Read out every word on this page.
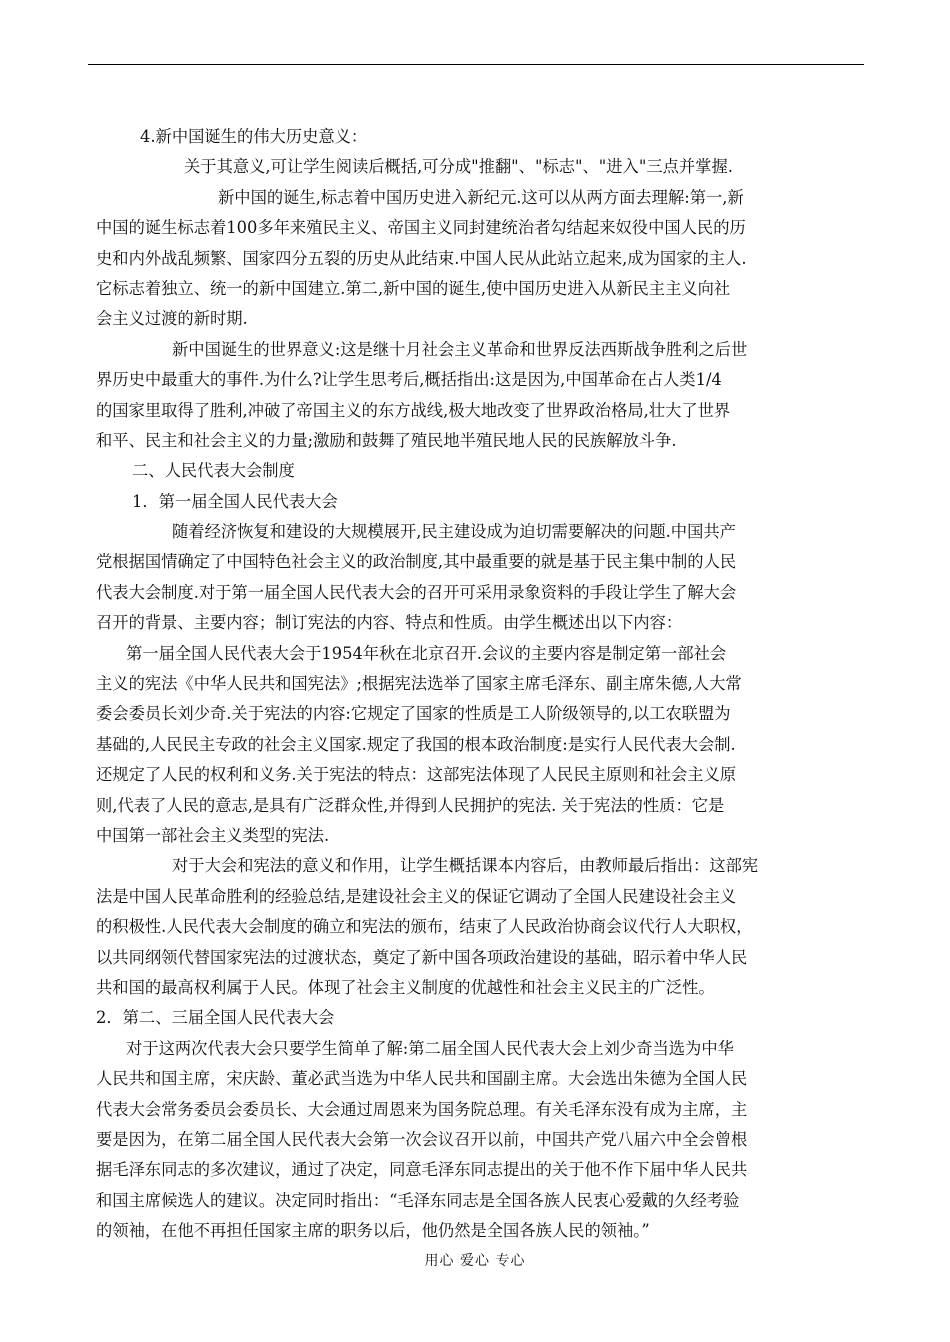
4.新中国诞生的伟大历史意义：
关于其意义,可让学生阅读后概括,可分成"推翻"、"标志"、"进入"三点并掌握.
新中国的诞生,标志着中国历史进入新纪元.这可以从两方面去理解:第一,新
中国的诞生标志着100多年来殖民主义、帝国主义同封建统治者勾结起来奴役中国人民的历
史和内外战乱频繁、国家四分五裂的历史从此结束.中国人民从此站立起来,成为国家的主人.
它标志着独立、统一的新中国建立.第二,新中国的诞生,使中国历史进入从新民主主义向社
会主义过渡的新时期.
新中国诞生的世界意义:这是继十月社会主义革命和世界反法西斯战争胜利之后世
界历史中最重大的事件.为什么?让学生思考后,概括指出:这是因为,中国革命在占人类1/4
的国家里取得了胜利,冲破了帝国主义的东方战线,极大地改变了世界政治格局,壮大了世界
和平、民主和社会主义的力量;激励和鼓舞了殖民地半殖民地人民的民族解放斗争.
二、人民代表大会制度
1．第一届全国人民代表大会
随着经济恢复和建设的大规模展开,民主建设成为迫切需要解决的问题.中国共产
党根据国情确定了中国特色社会主义的政治制度,其中最重要的就是基于民主集中制的人民
代表大会制度.对于第一届全国人民代表大会的召开可采用录象资料的手段让学生了解大会
召开的背景、主要内容；制订宪法的内容、特点和性质。由学生概述出以下内容：
第一届全国人民代表大会于1954年秋在北京召开.会议的主要内容是制定第一部社会
主义的宪法《中华人民共和国宪法》;根据宪法选举了国家主席毛泽东、副主席朱德,人大常
委会委员长刘少奇.关于宪法的内容:它规定了国家的性质是工人阶级领导的,以工农联盟为
基础的,人民民主专政的社会主义国家.规定了我国的根本政治制度:是实行人民代表大会制.
还规定了人民的权利和义务.关于宪法的特点：这部宪法体现了人民民主原则和社会主义原
则,代表了人民的意志,是具有广泛群众性,并得到人民拥护的宪法. 关于宪法的性质：它是
中国第一部社会主义类型的宪法.
对于大会和宪法的意义和作用，让学生概括课本内容后，由教师最后指出：这部宪
法是中国人民革命胜利的经验总结,是建设社会主义的保证它调动了全国人民建设社会主义
的积极性.人民代表大会制度的确立和宪法的颁布，结束了人民政治协商会议代行人大职权，
以共同纲领代替国家宪法的过渡状态，奠定了新中国各项政治建设的基础，昭示着中华人民
共和国的最高权利属于人民。体现了社会主义制度的优越性和社会主义民主的广泛性。
2．第二、三届全国人民代表大会
对于这两次代表大会只要学生简单了解:第二届全国人民代表大会上刘少奇当选为中华
人民共和国主席，宋庆龄、董必武当选为中华人民共和国副主席。大会选出朱德为全国人民
代表大会常务委员会委员长、大会通过周恩来为国务院总理。有关毛泽东没有成为主席，主
要是因为，在第二届全国人民代表大会第一次会议召开以前，中国共产党八届六中全会曾根
据毛泽东同志的多次建议，通过了决定，同意毛泽东同志提出的关于他不作下届中华人民共
和国主席候选人的建议。决定同时指出：“毛泽东同志是全国各族人民衷心爱戴的久经考验
的领袖，在他不再担任国家主席的职务以后，他仍然是全国各族人民的领袖。”
用心 爱心 专心
